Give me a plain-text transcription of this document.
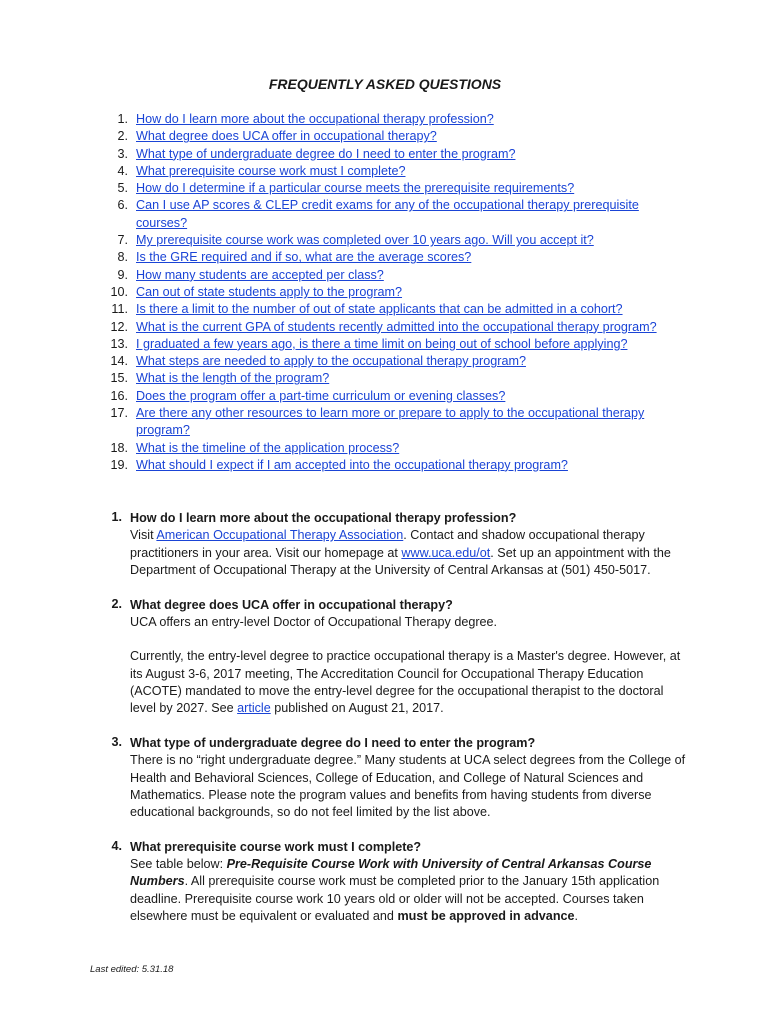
FREQUENTLY ASKED QUESTIONS
1. How do I learn more about the occupational therapy profession?
2. What degree does UCA offer in occupational therapy?
3. What type of undergraduate degree do I need to enter the program?
4. What prerequisite course work must I complete?
5. How do I determine if a particular course meets the prerequisite requirements?
6. Can I use AP scores & CLEP credit exams for any of the occupational therapy prerequisite courses?
7. My prerequisite course work was completed over 10 years ago. Will you accept it?
8. Is the GRE required and if so, what are the average scores?
9. How many students are accepted per class?
10. Can out of state students apply to the program?
11. Is there a limit to the number of out of state applicants that can be admitted in a cohort?
12. What is the current GPA of students recently admitted into the occupational therapy program?
13. I graduated a few years ago, is there a time limit on being out of school before applying?
14. What steps are needed to apply to the occupational therapy program?
15. What is the length of the program?
16. Does the program offer a part-time curriculum or evening classes?
17. Are there any other resources to learn more or prepare to apply to the occupational therapy program?
18. What is the timeline of the application process?
19. What should I expect if I am accepted into the occupational therapy program?
1. How do I learn more about the occupational therapy profession?
Visit American Occupational Therapy Association. Contact and shadow occupational therapy practitioners in your area. Visit our homepage at www.uca.edu/ot. Set up an appointment with the Department of Occupational Therapy at the University of Central Arkansas at (501) 450-5017.
2. What degree does UCA offer in occupational therapy?
UCA offers an entry-level Doctor of Occupational Therapy degree.
Currently, the entry-level degree to practice occupational therapy is a Master's degree. However, at its August 3-6, 2017 meeting, The Accreditation Council for Occupational Therapy Education (ACOTE) mandated to move the entry-level degree for the occupational therapist to the doctoral level by 2027. See article published on August 21, 2017.
3. What type of undergraduate degree do I need to enter the program?
There is no “right undergraduate degree.” Many students at UCA select degrees from the College of Health and Behavioral Sciences, College of Education, and College of Natural Sciences and Mathematics. Please note the program values and benefits from having students from diverse educational backgrounds, so do not feel limited by the list above.
4. What prerequisite course work must I complete?
See table below: Pre-Requisite Course Work with University of Central Arkansas Course Numbers. All prerequisite course work must be completed prior to the January 15th application deadline. Prerequisite course work 10 years old or older will not be accepted. Courses taken elsewhere must be equivalent or evaluated and must be approved in advance.
Last edited: 5.31.18
